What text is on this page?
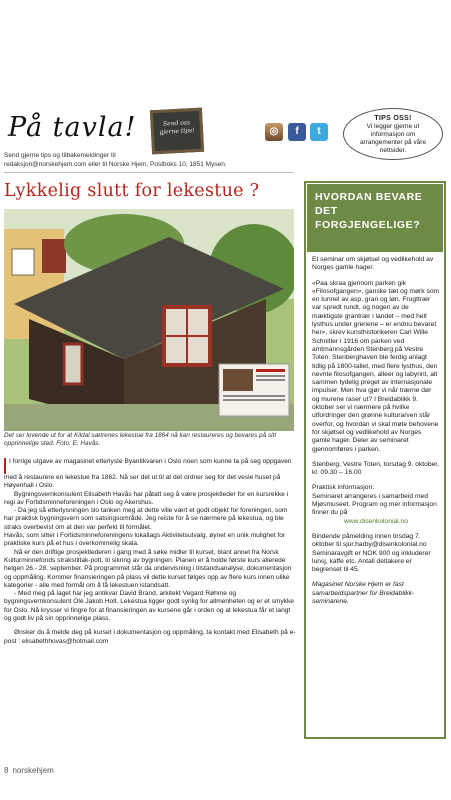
På tavla!	Send oss gjerne tips!	◎	f	t
TIPS OSS!
Vi legger gjerne ut informasjon om arrangementer på våre nettsider.
Send gjerne tips og tilbakemeldinger til
redaksjon@norskehjem.com eller til Norske Hjem, Postboks 10, 1851 Mysen.
Lykkelig slutt for lekestue ?
Det ser lovende ut for at Kildal sætrenes lekestue fra 1864 nå kan restaureres og bevares på sitt opprinnelige sted. Foto: E. Havås.

I forrige utgave av magasinet etterlyste Byantikvaren i Oslo noen som kunne ta på seg oppgaven med å restaurere en lekestue fra 1862. Nå ser det ut til at det ordner seg for det vesle huset på Høyenhall i Oslo.

Bygningsvernkonsulent Elisabeth Havås har påtatt seg å være prosjektleder for en kursrekke i regi av Fortidsminneforeningen i Oslo og Akershus.

- Da jeg så etterlysningen slo tanken meg at dette ville vært et godt objekt for foreningen, som har praktisk bygningsvern som satsingsområde. Jeg reiste for å se nærmere på lekestua, og ble straks overbevist om at den var perfekt til formålet.

Havås, som sitter i Fortidsminneforeningens lokallags Aktivitetsutvalg, øynet en unik mulighet for praktiske kurs på et hus i overkommelig skala.

Nå er den driftige prosjektlederen i gang med å søke midler til kurset, blant annet fra Norsk Kulturminnefonds strakstiltak-pott, til sikring av bygningen. Planen er å holde første kurs allerede helgen 26.- 28. september. På programmet står da undervisning i tilstandsanalyse, dokumentasjon og oppmåling. Kommer finansieringen på plass vil dette kurset følges opp av flere kurs innen ulike kategorier - alle med formål om å få lekestuen istandsatt.

- Med meg på laget har jeg antikvar David Brand, arkitekt Vegard Røhme og bygningsvernkonsulent Ole Jakob Holt. Lekestua ligger godt synlig for allmenheten og er et smykke for Oslo. Nå krysser vi fingre for at finansieringen av kursene går i orden og at lekestua får et langt og godt liv på sin opprinnelige plass.

Ønsker du å melde deg på kurset i dokumentasjon og oppmåling, ta kontakt med Elisabeth på e-post : elisabethhovas@hotmail.com

HVORDAN BEVARE DET FORGJENGELIGE?

Et seminar om skjøtsel og vedlikehold av Norges gamle hager.

«Paa skraa gjennom parken gik «Filosofgangen», ganske tæt og mørk som en tunnel av asp, gran og løn. Frugttrær var spredt rundt, og nogen av de mæktigste grantrær i landet – med helt lysthus under grenene – er endnu bevaret her», skrev kunsthistorikeren Carl Wille Schnitler i 1916 om parken ved amtmannsgården Stenberg på Vestre Toten. Stenberghaven ble ferdig anlagt tidlig på 1800-tallet, med flere lysthus, den nevnte filosofgangen, alleer og labyrint, alt sammen tydelig preget av internasjonale impulser. Men hva gjør vi når trærne dør og murene raser ut? I Breidablikk 9. oktober ser vi nærmere på hvilke utfordringer den grønne kulturarven står overfor, og hvordan vi skal møte behovene for skjøtsel og vedlikehold av Norges gamle hager. Deler av seminaret gjennomføres i parken.

Stenberg, Vestre Toten, torsdag 9. oktober, kl. 09.30 – 16.00

Praktisk informasjon:

Seminaret arrangeres i samarbeid med Mjøsmuseet. Program og mer informasjon finner du på

www.disenkolonial.no

Bindende påmelding innen tirsdag 7. oktober til sjur.harby@disenkolonial.no Seminaravgift er NOK 900 og inkluderer lunsj, kaffe etc. Antall deltakere er begrenset til 45.

Magasinet Norske Hjem er fast samarbeidspartner for Breidablikk-seminarene.

8 norskehjem
